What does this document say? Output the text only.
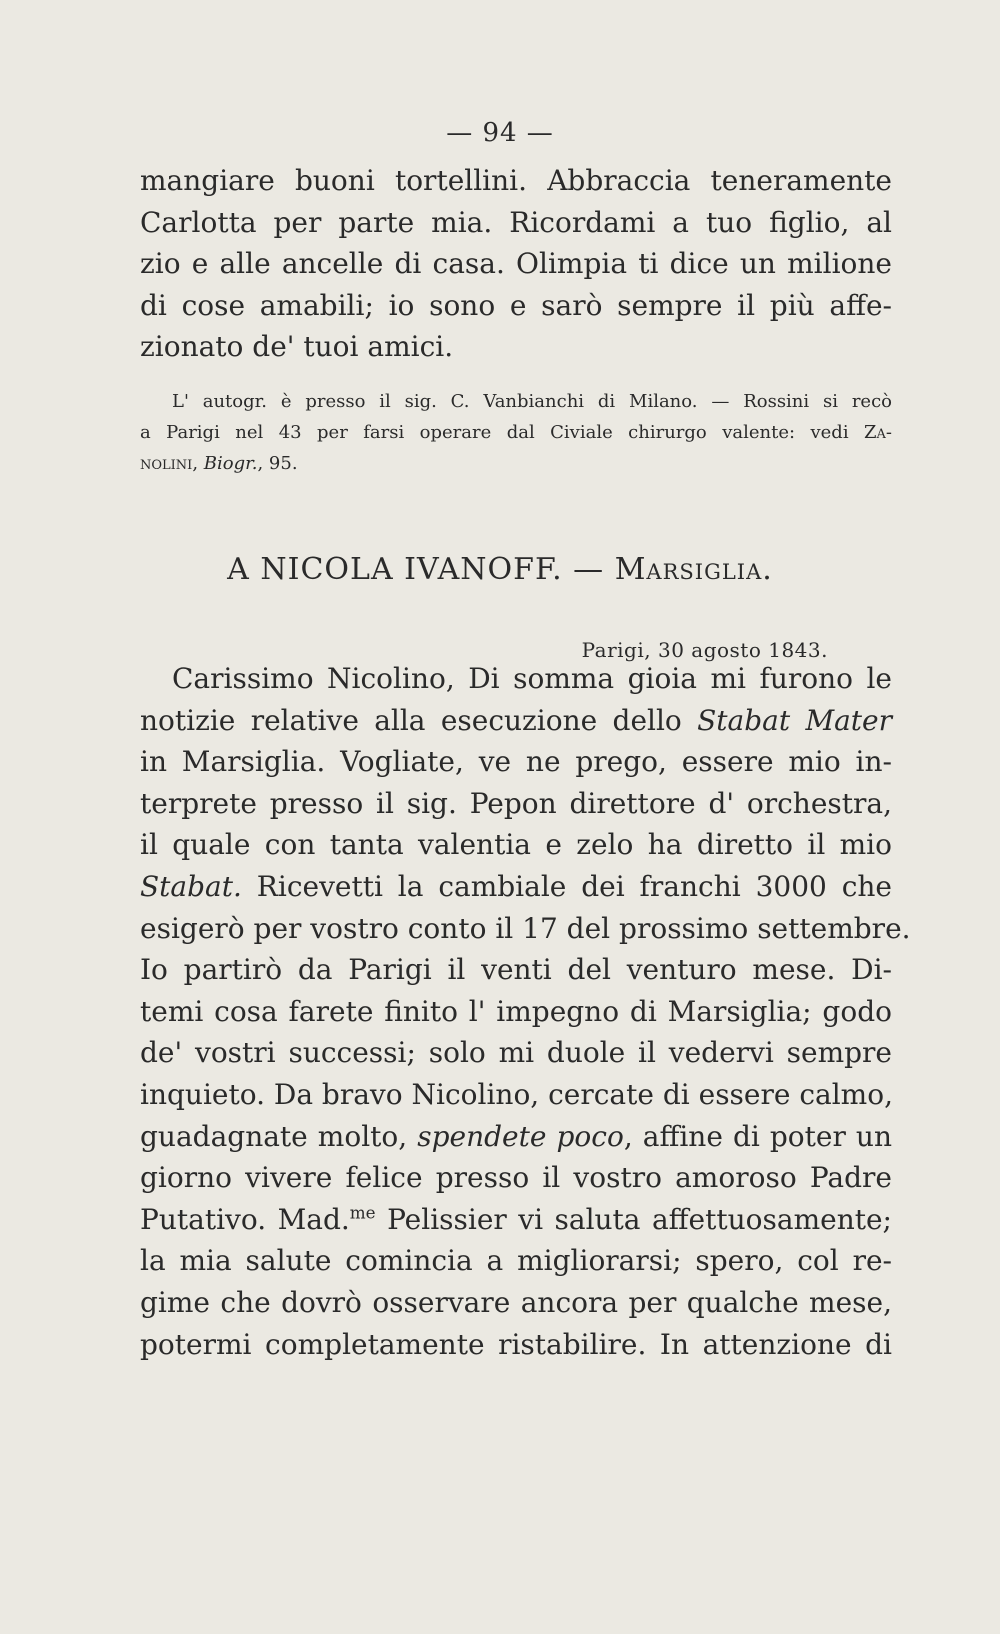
— 94 —
mangiare buoni tortellini. Abbraccia teneramente
Carlotta per parte mia. Ricordami a tuo figlio, al
zio e alle ancelle di casa. Olimpia ti dice un milione
di cose amabili; io sono e sarò sempre il più affe-
zionato de' tuoi amici.
L' autogr. è presso il sig. C. Vanbianchi di Milano. — Rossini si recò
a Parigi nel 43 per farsi operare dal Civiale chirurgo valente: vedi Za-
nolini, Biogr., 95.
A NICOLA IVANOFF. — Marsiglia.
Parigi, 30 agosto 1843.
Carissimo Nicolino, Di somma gioia mi furono le
notizie relative alla esecuzione dello Stabat Mater
in Marsiglia. Vogliate, ve ne prego, essere mio in-
terprete presso il sig. Pepon direttore d' orchestra,
il quale con tanta valentia e zelo ha diretto il mio
Stabat. Ricevetti la cambiale dei franchi 3000 che
esigerò per vostro conto il 17 del prossimo settembre.
Io partirò da Parigi il venti del venturo mese. Di-
temi cosa farete finito l' impegno di Marsiglia; godo
de' vostri successi; solo mi duole il vedervi sempre
inquieto. Da bravo Nicolino, cercate di essere calmo,
guadagnate molto, spendete poco, affine di poter un
giorno vivere felice presso il vostro amoroso Padre
Putativo. Mad.$^{me}$ Pelissier vi saluta affettuosamente;
la mia salute comincia a migliorarsi; spero, col re-
gime che dovrò osservare ancora per qualche mese,
potermi completamente ristabilire. In attenzione di
